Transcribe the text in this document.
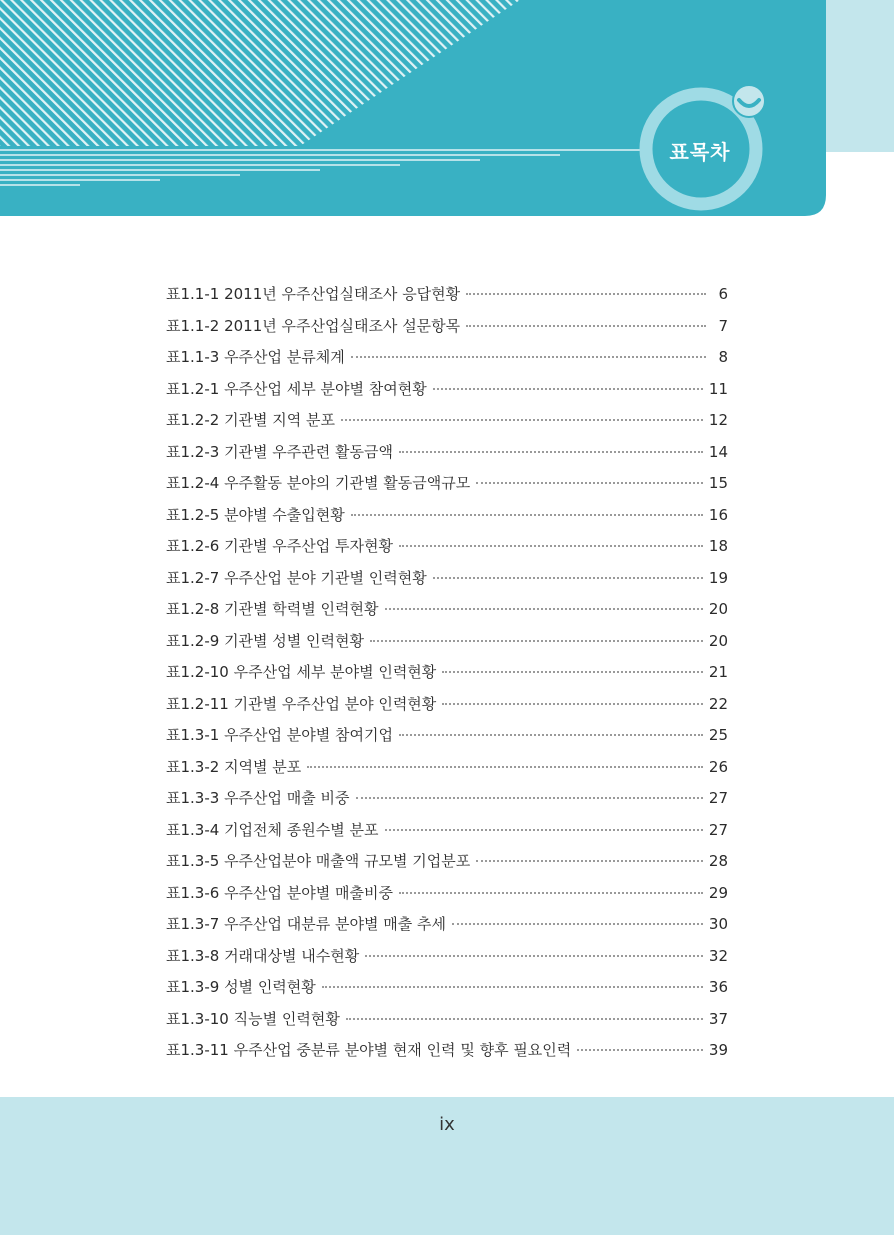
표목차
표1.1-1 2011년 우주산업실태조사 응답현황	6
표1.1-2 2011년 우주산업실태조사 설문항목	7
표1.1-3 우주산업 분류체계	8
표1.2-1 우주산업 세부 분야별 참여현황	11
표1.2-2 기관별 지역 분포	12
표1.2-3 기관별 우주관련 활동금액	14
표1.2-4 우주활동 분야의 기관별 활동금액규모	15
표1.2-5 분야별 수출입현황	16
표1.2-6 기관별 우주산업 투자현황	18
표1.2-7 우주산업 분야 기관별 인력현황	19
표1.2-8 기관별 학력별 인력현황	20
표1.2-9 기관별 성별 인력현황	20
표1.2-10 우주산업 세부 분야별 인력현황	21
표1.2-11 기관별 우주산업 분야 인력현황	22
표1.3-1 우주산업 분야별 참여기업	25
표1.3-2 지역별 분포	26
표1.3-3 우주산업 매출 비중	27
표1.3-4 기업전체 종원수별 분포	27
표1.3-5 우주산업분야 매출액 규모별 기업분포	28
표1.3-6 우주산업 분야별 매출비중	29
표1.3-7 우주산업 대분류 분야별 매출 추세	30
표1.3-8 거래대상별 내수현황	32
표1.3-9 성별 인력현황	36
표1.3-10 직능별 인력현황	37
표1.3-11 우주산업 중분류 분야별 현재 인력 및 향후 필요인력	39
ix
